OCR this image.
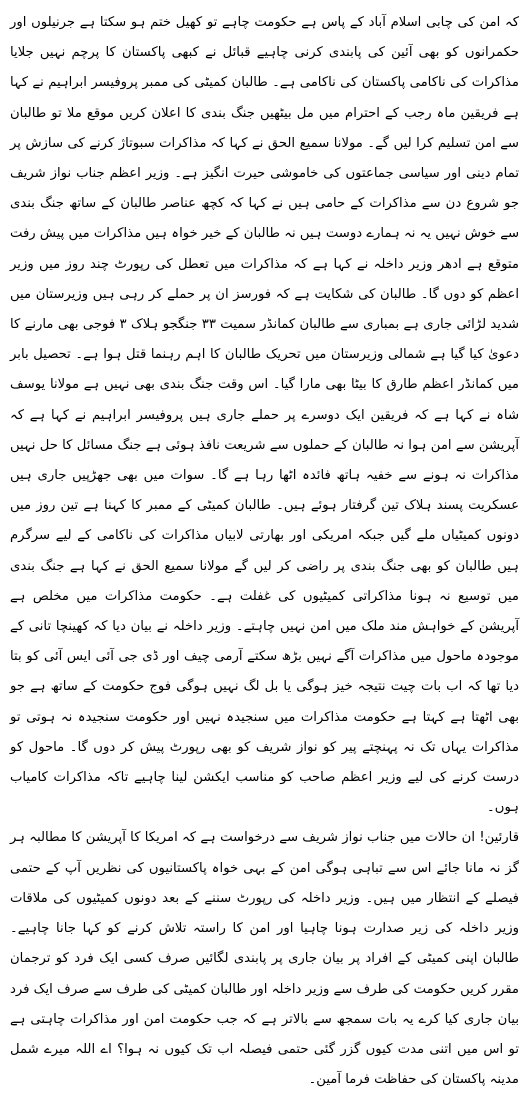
کہ امن کی چابی اسلام آباد کے پاس ہے حکومت چاہے تو کھیل ختم ہو سکتا ہے جرنیلوں اور حکمرانوں کو بھی آئین کی پابندی کرنی چاہیے قبائل نے کبھی پاکستان کا پرچم نہیں جلایا مذاکرات کی ناکامی پاکستان کی ناکامی ہے۔ طالبان کمیٹی کی ممبر پروفیسر ابراہیم نے کہا ہے فریقین ماہ رجب کے احترام میں مل بیٹھیں جنگ بندی کا اعلان کریں موقع ملا تو طالبان سے امن تسلیم کرا لیں گے۔ مولانا سمیع الحق نے کہا کہ مذاکرات سبوتاژ کرنے کی سازش پر تمام دینی اور سیاسی جماعتوں کی خاموشی حیرت انگیز ہے۔ وزیر اعظم جناب نواز شریف جو شروع دن سے مذاکرات کے حامی ہیں نے کہا کہ کچھ عناصر طالبان کے ساتھ جنگ بندی سے خوش نہیں یہ نہ ہمارے دوست ہیں نہ طالبان کے خیر خواہ ہیں مذاکرات میں پیش رفت متوقع ہے ادھر وزیر داخلہ نے کہا ہے کہ مذاکرات میں تعطل کی رپورٹ چند روز میں وزیر اعظم کو دوں گا۔ طالبان کی شکایت ہے کہ فورسز ان پر حملے کر رہی ہیں وزیرستان میں شدید لڑائی جاری ہے بمباری سے طالبان کمانڈر سمیت ۳۳ جنگجو ہلاک ۳ فوجی بھی مارنے کا دعویٰ کیا گیا ہے شمالی وزیرستان میں تحریک طالبان کا اہم رہنما قتل ہوا ہے۔ تحصیل بابر میں کمانڈر اعظم طارق کا بیٹا بھی مارا گیا۔ اس وقت جنگ بندی بھی نہیں ہے مولانا یوسف شاہ نے کہا ہے کہ فریقین ایک دوسرے پر حملے جاری ہیں پروفیسر ابراہیم نے کہا ہے کہ آپریشن سے امن ہوا نہ طالبان کے حملوں سے شریعت نافذ ہوئی ہے جنگ مسائل کا حل نہیں مذاکرات نہ ہونے سے خفیہ ہاتھ فائدہ اٹھا رہا ہے گا۔ سوات میں بھی جھڑپیں جاری ہیں عسکریت پسند ہلاک تین گرفتار ہوئے ہیں۔ طالبان کمیٹی کے ممبر کا کہنا ہے تین روز میں دونوں کمیٹیاں ملے گیں جبکہ امریکی اور بھارتی لابیاں مذاکرات کی ناکامی کے لیے سرگرم ہیں طالبان کو بھی جنگ بندی پر راضی کر لیں گے مولانا سمیع الحق نے کہا ہے جنگ بندی میں توسیع نہ ہونا مذاکراتی کمیٹیوں کی غفلت ہے۔ حکومت مذاکرات میں مخلص ہے آپریشن کے خواہش مند ملک میں امن نہیں چاہتے۔ وزیر داخلہ نے بیان دیا کہ کھینچا تانی کے موجودہ ماحول میں مذاکرات آگے نہیں بڑھ سکتے آرمی چیف اور ڈی جی آئی ایس آئی کو بتا دیا تھا کہ اب بات چیت نتیجہ خیز ہوگی یا بل لگ نہیں ہوگی فوج حکومت کے ساتھ ہے جو بھی اٹھتا ہے کہتا ہے حکومت مذاکرات میں سنجیدہ نہیں اور حکومت سنجیدہ نہ ہوتی تو مذاکرات یہاں تک نہ پہنچتے پیر کو نواز شریف کو بھی رپورٹ پیش کر دوں گا۔ ماحول کو درست کرنے کی لیے وزیر اعظم صاحب کو مناسب ایکشن لینا چاہیے تاکہ مذاکرات کامیاب ہوں۔

قارئین! ان حالات میں جناب نواز شریف سے درخواست ہے کہ امریکا کا آپریشن کا مطالبہ ہر گز نہ مانا جائے اس سے تباہی ہوگی امن کے بہی خواہ پاکستانیوں کی نظریں آپ کے حتمی فیصلے کے انتظار میں ہیں۔ وزیر داخلہ کی رپورٹ سننے کے بعد دونوں کمیٹیوں کی ملاقات وزیر داخلہ کی زیر صدارت ہونا چاہیا اور امن کا راستہ تلاش کرنے کو کہا جانا چاہیے۔ طالبان اپنی کمیٹی کے افراد پر بیان جاری پر پابندی لگائیں صرف کسی ایک فرد کو ترجمان مقرر کریں حکومت کی طرف سے وزیر داخلہ اور طالبان کمیٹی کی طرف سے صرف ایک فرد بیان جاری کیا کرے یہ بات سمجھ سے بالاتر ہے کہ جب حکومت امن اور مذاکرات چاہتی ہے تو اس میں اتنی مدت کیوں گزر گئی حتمی فیصلہ اب تک کیوں نہ ہوا؟ اے اللہ میرے شمل مدینہ پاکستان کی حفاظت فرما آمین۔
